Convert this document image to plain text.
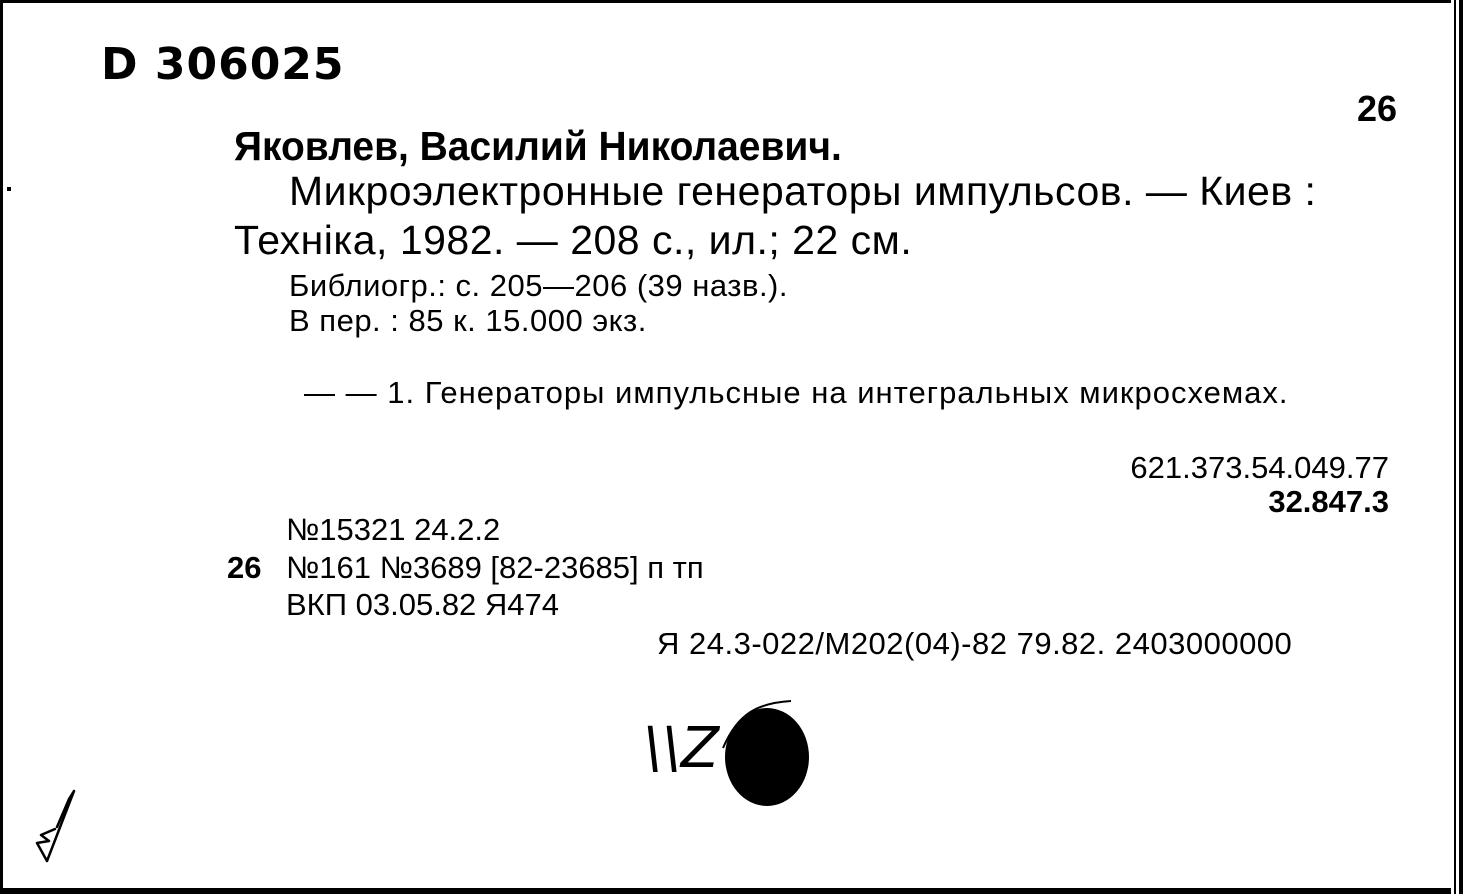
D 306025
26
Яковлев, Василий Николаевич.
Микроэлектронные генераторы импульсов. — Киев :
Техніка, 1982. — 208 с., ил.; 22 см.
Библиогр.: с. 205—206 (39 назв.).
В пер. : 85 к. 15.000 экз.
— — 1. Генераторы импульсные на интегральных микросхемах.
621.373.54.049.77
32.847.3
№15321 24.2.2
26 №161 №3689 [82-23685] п тп
ВКП 03.05.82 Я474
Я 24.3-022/М202(04)-82 79.82. 2403000000
\\Z
